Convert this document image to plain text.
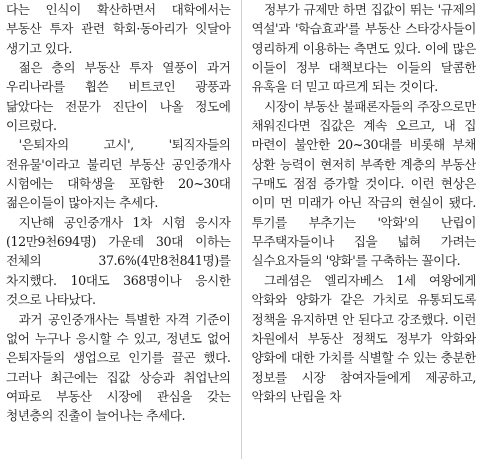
다는 인식이 확산하면서 대학에서는 부동산 투자 관련 학회·동아리가 잇달아 생기고 있다.

젊은 층의 부동산 투자 열풍이 과거 우리나라를 휩쓴 비트코인 광풍과 닮았다는 전문가 진단이 나올 정도에 이르렀다.

'은퇴자의 고시', '퇴직자들의 전유물'이라고 불리던 부동산 공인중개사 시험에는 대학생을 포함한 20~30대 젊은이들이 많아지는 추세다.

지난해 공인중개사 1차 시험 응시자(12만9천694명) 가운데 30대 이하는 전체의 37.6%(4만8천841명)를 차지했다. 10대도 368명이나 응시한 것으로 나타났다.

과거 공인중개사는 특별한 자격 기준이 없어 누구나 응시할 수 있고, 정년도 없어 은퇴자들의 생업으로 인기를 끌곤 했다. 그러나 최근에는 집값 상승과 취업난의 여파로 부동산 시장에 관심을 갖는 청년층의 진출이 늘어나는 추세다.

정부가 규제만 하면 집값이 뛰는 '규제의 역설'과 '학습효과'를 부동산 스타강사들이 영리하게 이용하는 측면도 있다. 이에 많은 이들이 정부 대책보다는 이들의 달콤한 유혹을 더 믿고 따르게 되는 것이다.

시장이 부동산 불패론자들의 주장으로만 채워진다면 집값은 계속 오르고, 내 집 마련이 불안한 20~30대를 비롯해 부채 상환 능력이 현저히 부족한 계층의 부동산 구매도 점점 증가할 것이다. 이런 현상은 이미 먼 미래가 아닌 작금의 현실이 됐다. 투기를 부추기는 '악화'의 난립이 무주택자들이나 집을 넓혀 가려는 실수요자들의 '양화'를 구축하는 꼴이다.

그레셤은 엘리자베스 1세 여왕에게 악화와 양화가 같은 가치로 유통되도록 정책을 유지하면 안 된다고 강조했다. 이런 차원에서 부동산 정책도 정부가 악화와 양화에 대한 가치를 식별할 수 있는 충분한 정보를 시장 참여자들에게 제공하고, 악화의 난립을 차
